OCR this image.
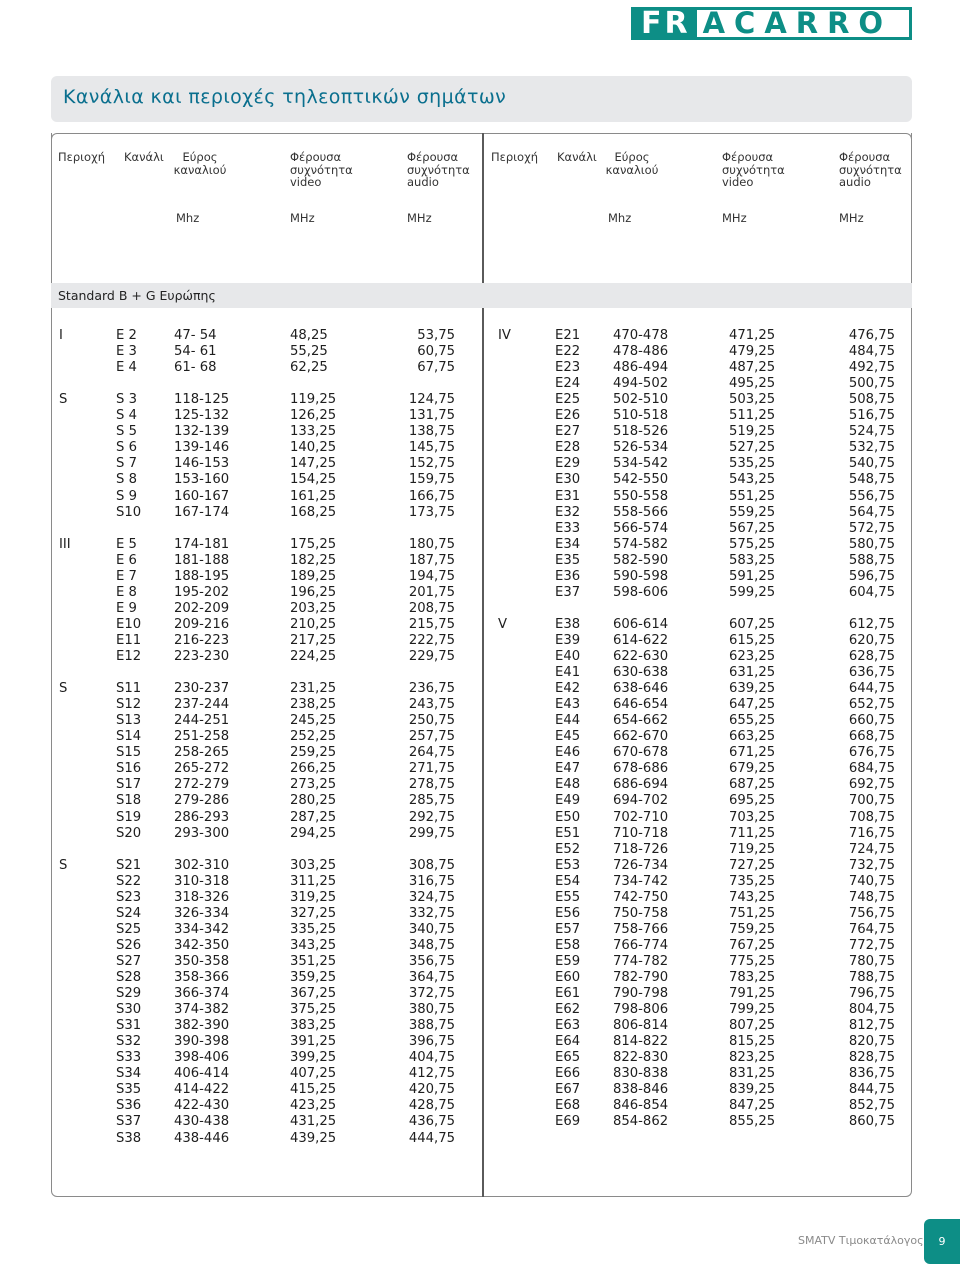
FR ACARRO
Κανάλια και περιοχές τηλεοπτικών σημάτων
Περιοχή Κανάλι	Εύρος
καναλιού
Φέρουσα
συχνότητα
video
Φέρουσα
συχνότητα
audio
Mhz	MHz	MHz
Περιοχή Κανάλι	Εύρος
καναλιού
Φέρουσα
συχνότητα
video
Φέρουσα
συχνότητα
audio
Mhz	MHz	MHz
Standard B + G Ευρώπης
I	E 2	47- 54	48,25	53,75
E 3	54- 61	55,25	60,75
E 4	61- 68	62,25	67,75
S	S 3	118-125	119,25	124,75
S 4	125-132	126,25	131,75
S 5	132-139	133,25	138,75
S 6	139-146	140,25	145,75
S 7	146-153	147,25	152,75
S 8	153-160	154,25	159,75
S 9	160-167	161,25	166,75
S10 167-174	168,25	173,75
III	E 5	174-181	175,25	180,75
E 6	181-188	182,25	187,75
E 7	188-195	189,25	194,75
E 8	195-202	196,25	201,75
E 9	202-209	203,25	208,75
E10 209-216	210,25	215,75
E11 216-223	217,25	222,75
E12 223-230	224,25	229,75
S	S11 230-237	231,25	236,75
S12 237-244	238,25	243,75
S13 244-251	245,25	250,75
S14 251-258	252,25	257,75
S15 258-265	259,25	264,75
S16 265-272	266,25	271,75
S17 272-279	273,25	278,75
S18 279-286	280,25	285,75
S19 286-293	287,25	292,75
S20 293-300	294,25	299,75
S	S21 302-310	303,25	308,75
S22 310-318	311,25	316,75
S23 318-326	319,25	324,75
S24 326-334	327,25	332,75
S25 334-342	335,25	340,75
S26 342-350	343,25	348,75
S27 350-358	351,25	356,75
S28 358-366	359,25	364,75
S29 366-374	367,25	372,75
S30 374-382	375,25	380,75
S31 382-390	383,25	388,75
S32 390-398	391,25	396,75
S33 398-406	399,25	404,75
S34 406-414	407,25	412,75
S35 414-422	415,25	420,75
S36 422-430	423,25	428,75
S37 430-438	431,25	436,75
S38 438-446	439,25	444,75
IV	E21 470-478	471,25	476,75
E22 478-486	479,25	484,75
E23 486-494	487,25	492,75
E24 494-502	495,25	500,75
E25 502-510	503,25	508,75
E26 510-518	511,25	516,75
E27 518-526	519,25	524,75
E28 526-534	527,25	532,75
E29 534-542	535,25	540,75
E30 542-550	543,25	548,75
E31 550-558	551,25	556,75
E32 558-566	559,25	564,75
E33 566-574	567,25	572,75
E34 574-582	575,25	580,75
E35 582-590	583,25	588,75
E36 590-598	591,25	596,75
E37 598-606	599,25	604,75
V	E38 606-614	607,25	612,75
E39 614-622	615,25	620,75
E40 622-630	623,25	628,75
E41 630-638	631,25	636,75
E42 638-646	639,25	644,75
E43 646-654	647,25	652,75
E44 654-662	655,25	660,75
E45 662-670	663,25	668,75
E46 670-678	671,25	676,75
E47 678-686	679,25	684,75
E48 686-694	687,25	692,75
E49 694-702	695,25	700,75
E50 702-710	703,25	708,75
E51 710-718	711,25	716,75
E52 718-726	719,25	724,75
E53 726-734	727,25	732,75
E54 734-742	735,25	740,75
E55 742-750	743,25	748,75
E56 750-758	751,25	756,75
E57 758-766	759,25	764,75
E58 766-774	767,25	772,75
E59 774-782	775,25	780,75
E60 782-790	783,25	788,75
E61 790-798	791,25	796,75
E62 798-806	799,25	804,75
E63 806-814	807,25	812,75
E64 814-822	815,25	820,75
E65 822-830	823,25	828,75
E66 830-838	831,25	836,75
E67 838-846	839,25	844,75
E68 846-854	847,25	852,75
E69 854-862	855,25	860,75
SMATV Τιμοκατάλογος	9
